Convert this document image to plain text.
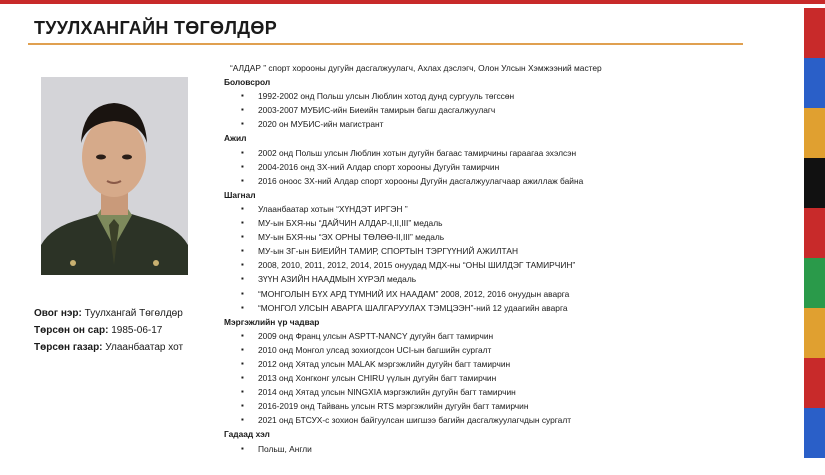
ТУУЛХАНГАЙН ТӨГӨЛДӨР
Овог нэр: Туулхангай Төгөлдөр
Төрсөн он сар: 1985-06-17
Төрсөн газар: Улаанбаатар хот
“АЛДАР ” спорт хорооны дугуйн дасгалжуулагч, Ахлах дэслэгч, Олон Улсын Хэмжээний мастер
Боловсрол
▪ 1992-2002 онд Польш улсын Люблин хотод дунд сургууль төгссөн
▪ 2003-2007 МУБИС-ийн Биеийн тамирын багш дасгалжуулагч
▪ 2020 он МУБИС-ийн магистрант
Ажил
▪ 2002 онд Польш улсын Люблин хотын дугуйн багаас тамирчины гараагаа эхэлсэн
▪ 2004-2016 онд ЗХ-ний Алдар спорт хорооны Дугуйн тамирчин
▪ 2016 оноос ЗХ-ний Алдар спорт хорооны Дугуйн дасгалжуулагчаар ажиллаж байна
Шагнал
▪ Улаанбаатар хотын “ХҮНДЭТ ИРГЭН ”
▪ МУ-ын БХЯ-ны “ДАЙЧИН АЛДАР-I,II,III” медаль
▪ МУ-ын БХЯ-ны “ЭХ ОРНЫ ТӨЛӨӨ-II,III” медаль
▪ МУ-ын ЗГ-ын БИЕИЙН ТАМИР, СПОРТЫН ТЭРГҮҮНИЙ АЖИЛТАН
▪ 2008, 2010, 2011, 2012, 2014, 2015 онуудад МДХ-ны “ОНЫ ШИЛДЭГ ТАМИРЧИН”
▪ ЗҮҮН АЗИЙН НААДМЫН ХҮРЭЛ медаль
▪ “МОНГОЛЫН БҮХ АРД ТҮМНИЙ ИХ НААДАМ” 2008, 2012, 2016 онуудын аварга
▪ “МОНГОЛ УЛСЫН АВАРГА ШАЛГАРУУЛАХ ТЭМЦЭЭН”-ний 12 удаагийн аварга
Мэргэжлийн үр чадвар
▪ 2009 онд Франц улсын ASPTT-NANCY дугуйн багт тамирчин
▪ 2010 онд Монгол улсад зохиогдсон UCI-ын багшийн сургалт
▪ 2012 онд Хятад улсын MALAK мэргэжлийн дугуйн багт тамирчин
▪ 2013 онд Хонгконг улсын CHIRU үүлын дугуйн багт тамирчин
▪ 2014 онд Хятад улсын NINGXIA мэргэжлийн дугуйн багт тамирчин
▪ 2016-2019 онд Тайвань улсын RTS мэргэжлийн дугуйн багт тамирчин
▪ 2021 онд БТСУХ-с зохион байгуулсан шигшээ багийн дасгалжуулагчдын сургалт
Гадаад хэл
▪ Польш, Англи
